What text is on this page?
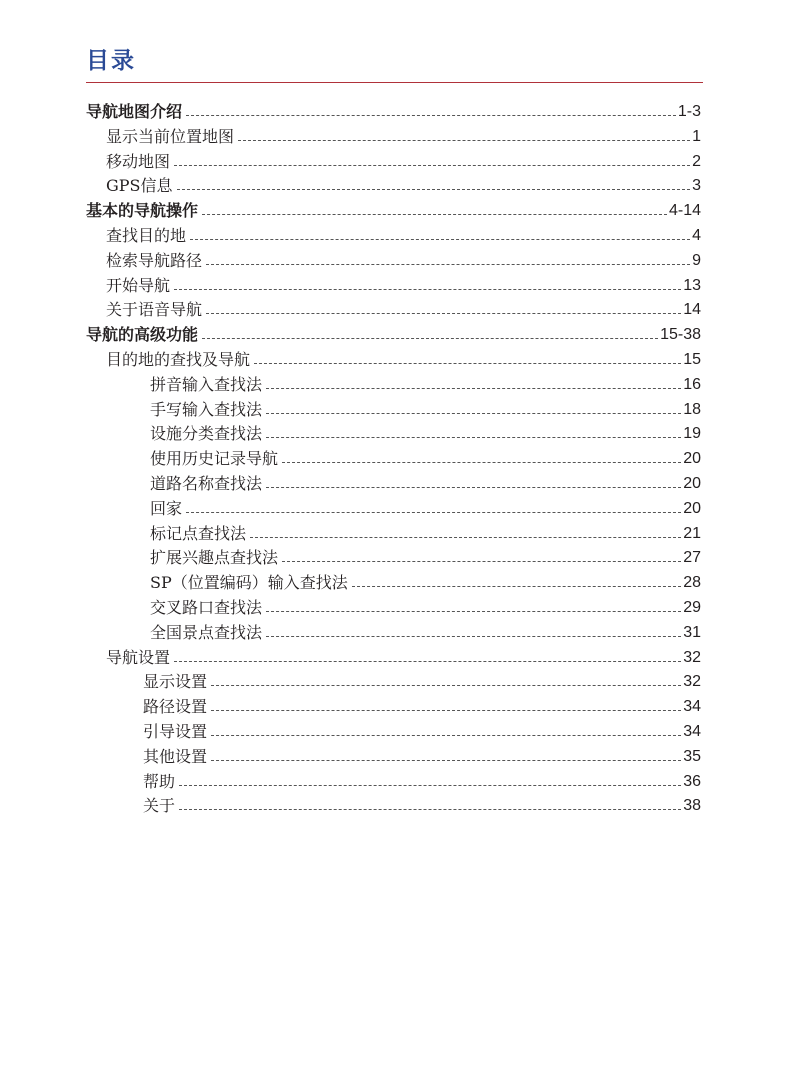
目录
导航地图介绍	1-3
显示当前位置地图	1
移动地图	2
GPS信息	3
基本的导航操作	4-14
查找目的地	4
检索导航路径	9
开始导航	13
关于语音导航	14
导航的高级功能	15-38
目的地的查找及导航	15
拼音输入查找法	16
手写输入查找法	18
设施分类查找法	19
使用历史记录导航	20
道路名称查找法	20
回家	20
标记点查找法	21
扩展兴趣点查找法	27
SP（位置编码）输入查找法	28
交叉路口查找法	29
全国景点查找法	31
导航设置	32
显示设置	32
路径设置	34
引导设置	34
其他设置	35
帮助	36
关于	38
